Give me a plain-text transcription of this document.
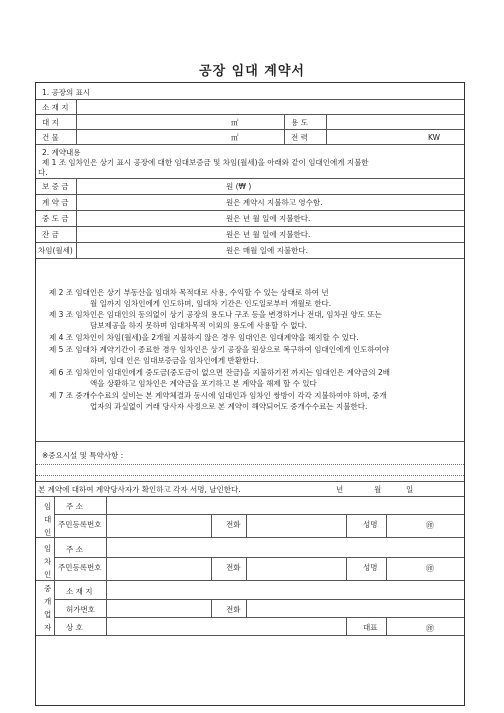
공장 임대 계약서
1. 공장의 표시
소 재 지
대 지	㎡	용 도
건 물	㎡	전 력	KW
2. 계약내용
제 1 조 임차인은 상기 표시 공장에 대한 임대보증금 및 차임(월세)을 아래와 같이 임대인에게 지불한
다.
보 증 금	원 (₩ )
계 약 금	원은 계약시 지불하고 영수함.
중 도 금	원은 년 월 일에 지불한다.
잔 금	원은 년 월 일에 지불한다.
차임(월세)	원은 매월 일에 지불한다.
제 2 조 임대인은 상기 부동산을 임대차 목적대로 사용, 수익할 수 있는 상태로 하여 년
월 일까지 임차인에게 인도하며, 임대차 기간은 인도일로부터 개월로 한다.
제 3 조 임차인은 임대인의 동의없이 상기 공장의 용도나 구조 등을 변경하거나 전대, 임차권 양도 또는
담보제공을 하지 못하며 임대차목적 이외의 용도에 사용할 수 없다.
제 4 조 임차인이 차임(월세)을 2개월 지불하지 않은 경우 임대인은 임대계약을 해지할 수 있다.
제 5 조 임대차 계약기간이 종료한 경우 임차인은 상기 공장을 원상으로 복구하여 임대인에게 인도하여야
하며, 임대 인은 임대보증금을 임차인에게 반환한다.
제 6 조 임차인이 임대인에게 중도금(중도금이 없으면 잔금)을 지불하기전 까지는 임대인은 계약금의 2배
액을 상환하고 임차인은 계약금을 포기하고 본 계약을 해제 할 수 있다
제 7 조 중개수수료의 실비는 본 계약체결과 동시에 임대인과 임차인 쌍방이 각각 지불하여야 하며, 중개
업자의 과실없이 거래 당사자 사정으로 본 계약이 해약되어도 중개수수료는 지불한다.
※중요시설 및 특약사항 :
본 계약에 대하여 계약당사자가 확인하고 각자 서명, 날인한다.	년	월	일
임
대
인
주 소
주민등록번호	전화	성명	㊞
임
차
인
주 소
주민등록번호	전화	성명	㊞
중
개
업
자
소 재 지
허가번호	전화
상 호	대표	㊞
